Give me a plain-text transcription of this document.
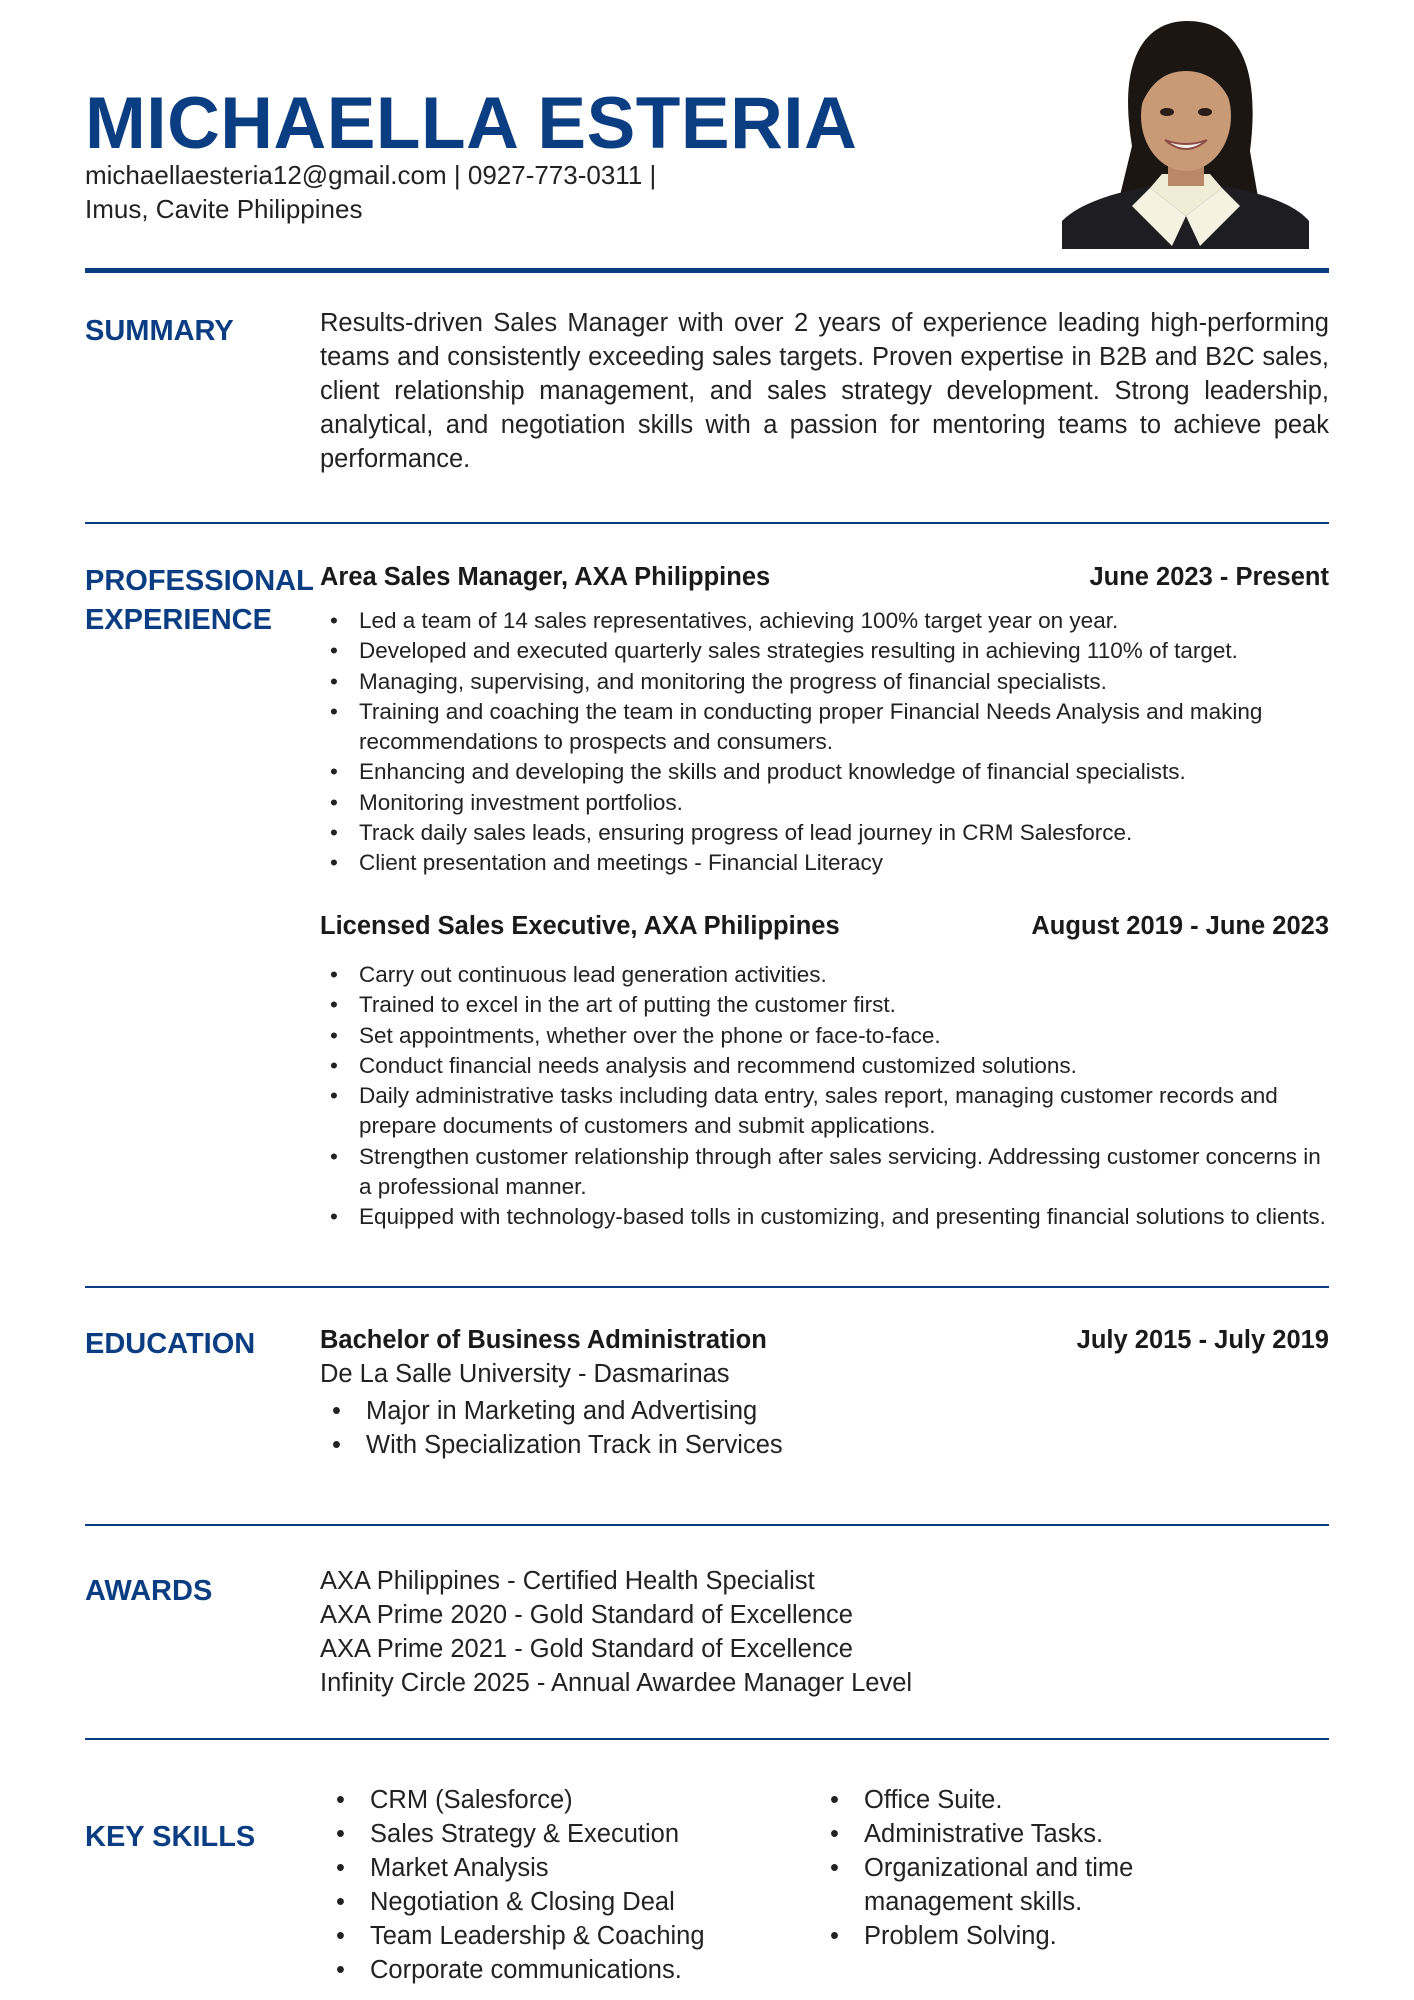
MICHAELLA ESTERIA
michaellaesteria12@gmail.com | 0927-773-0311 |
Imus, Cavite Philippines
SUMMARY	Results-driven Sales Manager with over 2 years of experience leading high-performing teams and consistently exceeding sales targets. Proven expertise in B2B and B2C sales, client relationship management, and sales strategy development. Strong leadership, analytical, and negotiation skills with a passion for mentoring teams to achieve peak performance.

PROFESSIONAL
EXPERIENCE
Area Sales Manager, AXA Philippines	June 2023 - Present
• Led a team of 14 sales representatives, achieving 100% target year on year.
• Developed and executed quarterly sales strategies resulting in achieving 110% of target.
• Managing, supervising, and monitoring the progress of financial specialists.
• Training and coaching the team in conducting proper Financial Needs Analysis and making recommendations to prospects and consumers.
• Enhancing and developing the skills and product knowledge of financial specialists.
• Monitoring investment portfolios.
• Track daily sales leads, ensuring progress of lead journey in CRM Salesforce.
• Client presentation and meetings - Financial Literacy
Licensed Sales Executive, AXA Philippines	August 2019 - June 2023
• Carry out continuous lead generation activities.
• Trained to excel in the art of putting the customer first.
• Set appointments, whether over the phone or face-to-face.
• Conduct financial needs analysis and recommend customized solutions.
• Daily administrative tasks including data entry, sales report, managing customer records and prepare documents of customers and submit applications.
• Strengthen customer relationship through after sales servicing. Addressing customer concerns in a professional manner.
• Equipped with technology-based tolls in customizing, and presenting financial solutions to clients.
EDUCATION	Bachelor of Business Administration	July 2015 - July 2019
De La Salle University - Dasmarinas
• Major in Marketing and Advertising
• With Specialization Track in Services
AWARDS	AXA Philippines - Certified Health Specialist
AXA Prime 2020 - Gold Standard of Excellence
AXA Prime 2021 - Gold Standard of Excellence
Infinity Circle 2025 - Annual Awardee Manager Level
KEY SKILLS
• CRM (Salesforce)
• Sales Strategy & Execution
• Market Analysis
• Negotiation & Closing Deal
• Team Leadership & Coaching
• Corporate communications.
• Office Suite.
• Administrative Tasks.
• Organizational and time management skills.
• Problem Solving.
